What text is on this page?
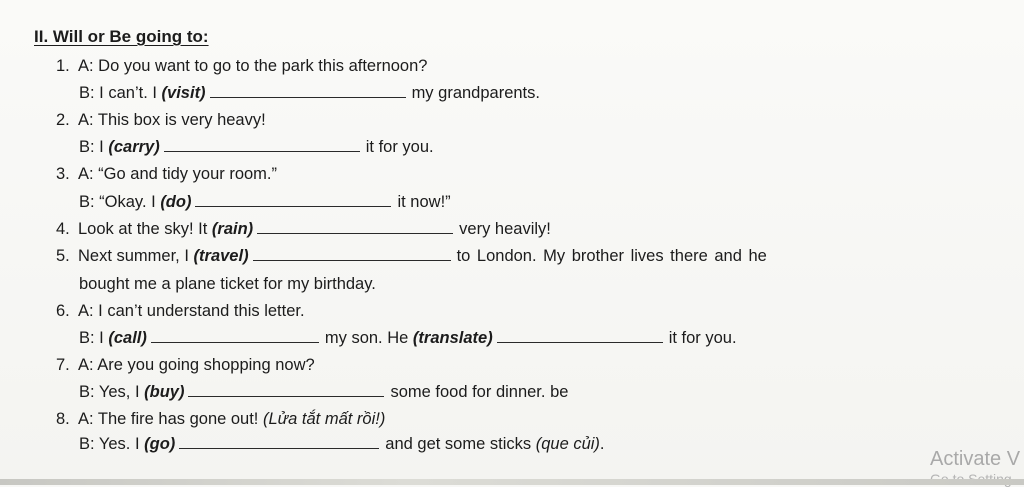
II. Will or Be going to:
1. A: Do you want to go to the park this afternoon?
B: I can’t. I (visit)	my grandparents.
2. A: This box is very heavy!
B: I (carry)	it for you.
3. A: “Go and tidy your room.”
B: “Okay. I (do)	it now!”
4. Look at the sky! It (rain)	very heavily!
5. Next summer, I (travel)	to London. My brother lives there and he
bought me a plane ticket for my birthday.
6. A: I can’t understand this letter.
B: I (call)	my son. He (translate)	it for you.
7. A: Are you going shopping now?
B: Yes, I (buy)	some food for dinner. be
8. A: The fire has gone out! (Lửa tắt mất rồi!)
B: Yes. I (go)	and get some sticks (que củi).
Activate V
